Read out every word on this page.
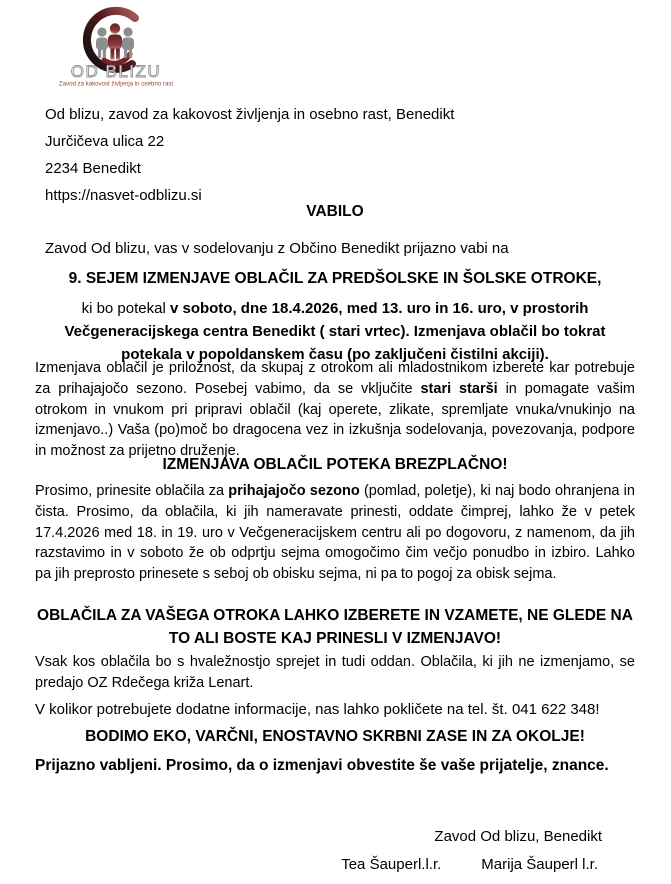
OD BLIZU
Zavod za kakovost življenja in osebno rast
Od blizu, zavod za kakovost življenja in osebno rast, Benedikt
Jurčičeva ulica 22
2234 Benedikt
https://nasvet-odblizu.si
VABILO
Zavod Od blizu, vas v sodelovanju z Občino Benedikt prijazno vabi na
9. SEJEM IZMENJAVE OBLAČIL ZA PREDŠOLSKE IN ŠOLSKE OTROKE,
ki bo potekal v soboto, dne 18.4.2026, med 13. uro in 16. uro, v prostorih Večgeneracijskega centra Benedikt ( stari vrtec). Izmenjava oblačil bo tokrat potekala v popoldanskem času (po zaključeni čistilni akciji).
Izmenjava oblačil je priložnost, da skupaj z otrokom ali mladostnikom izberete kar potrebuje za prihajajočo sezono. Posebej vabimo, da se vključite stari starši in pomagate vašim otrokom in vnukom pri pripravi oblačil (kaj operete, zlikate, spremljate vnuka/vnukinjo na izmenjavo..) Vaša (po)moč bo dragocena vez in izkušnja sodelovanja, povezovanja, podpore in možnost za prijetno druženje.
IZMENJAVA OBLAČIL POTEKA BREZPLAČNO!
Prosimo, prinesite oblačila za prihajajočo sezono (pomlad, poletje), ki naj bodo ohranjena in čista. Prosimo, da oblačila, ki jih nameravate prinesti, oddate čimprej, lahko že v petek 17.4.2026 med 18. in 19. uro v Večgeneracijskem centru ali po dogovoru, z namenom, da jih razstavimo in v soboto že ob odprtju sejma omogočimo čim večjo ponudbo in izbiro. Lahko pa jih preprosto prinesete s seboj ob obisku sejma, ni pa to pogoj za obisk sejma.
OBLAČILA ZA VAŠEGA OTROKA LAHKO IZBERETE IN VZAMETE, NE GLEDE NA TO ALI BOSTE KAJ PRINESLI V IZMENJAVO!
Vsak kos oblačila bo s hvaležnostjo sprejet in tudi oddan. Oblačila, ki jih ne izmenjamo, se predajo OZ Rdečega križa Lenart.
V kolikor potrebujete dodatne informacije, nas lahko pokličete na tel. št. 041 622 348!
BODIMO EKO, VARČNI, ENOSTAVNO SKRBNI ZASE IN ZA OKOLJE!
Prijazno vabljeni. Prosimo, da o izmenjavi obvestite še vaše prijatelje, znance.
Zavod Od blizu, Benedikt
Tea Šauperl.l.r.	Marija Šauperl l.r.
